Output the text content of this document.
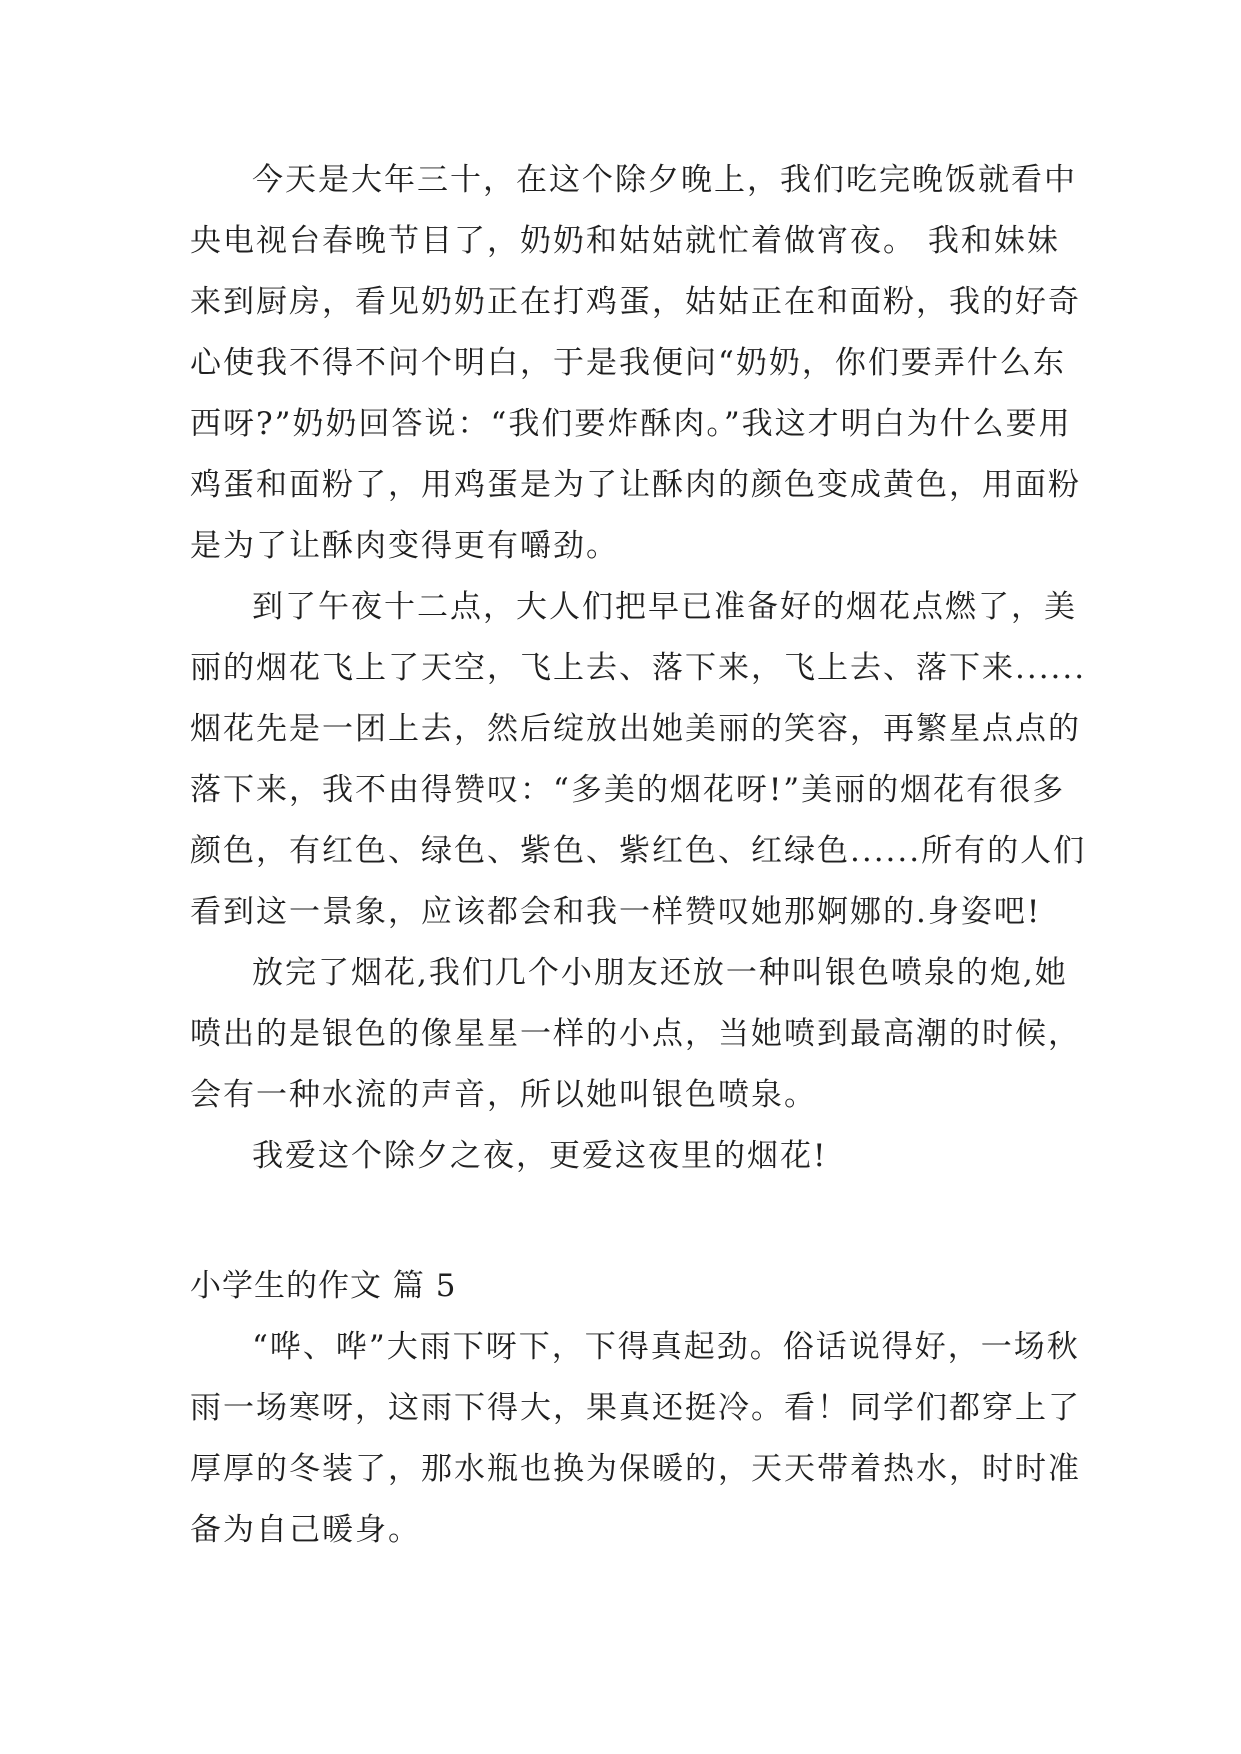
今天是大年三十，在这个除夕晚上，我们吃完晚饭就看中央电视台春晚节目了，奶奶和姑姑就忙着做宵夜。 我和妹妹来到厨房，看见奶奶正在打鸡蛋，姑姑正在和面粉，我的好奇心使我不得不问个明白，于是我便问“奶奶，你们要弄什么东西呀?”奶奶回答说：“我们要炸酥肉。”我这才明白为什么要用鸡蛋和面粉了，用鸡蛋是为了让酥肉的颜色变成黄色，用面粉是为了让酥肉变得更有嚼劲。

到了午夜十二点，大人们把早已准备好的烟花点燃了，美丽的烟花飞上了天空，飞上去、落下来，飞上去、落下来......烟花先是一团上去，然后绽放出她美丽的笑容，再繁星点点的落下来，我不由得赞叹：“多美的烟花呀!”美丽的烟花有很多颜色，有红色、绿色、紫色、紫红色、红绿色......所有的人们看到这一景象，应该都会和我一样赞叹她那婀娜的.身姿吧!

放完了烟花,我们几个小朋友还放一种叫银色喷泉的炮,她喷出的是银色的像星星一样的小点，当她喷到最高潮的时候，会有一种水流的声音，所以她叫银色喷泉。

我爱这个除夕之夜，更爱这夜里的烟花!

小学生的作文 篇 5

“哗、哗”大雨下呀下，下得真起劲。俗话说得好，一场秋雨一场寒呀，这雨下得大，果真还挺冷。看！同学们都穿上了厚厚的冬装了，那水瓶也换为保暖的，天天带着热水，时时准备为自己暖身。
